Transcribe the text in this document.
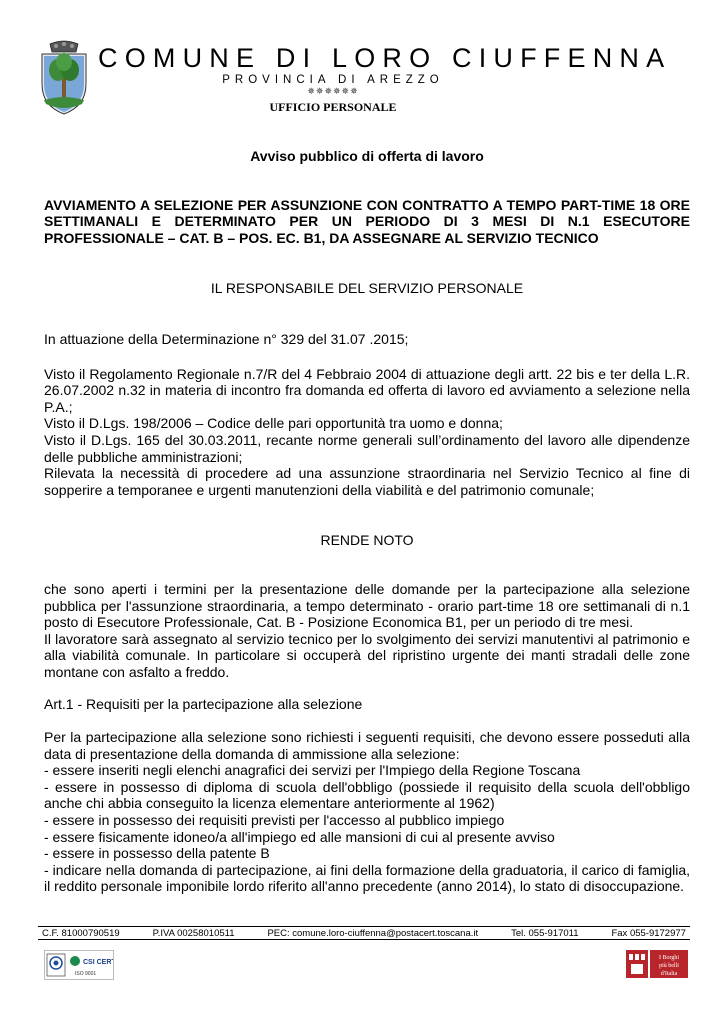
COMUNE DI LORO CIUFFENNA
PROVINCIA DI AREZZO
✵✵✵✵✵✵
UFFICIO PERSONALE

Avviso pubblico di offerta di lavoro

AVVIAMENTO A SELEZIONE PER ASSUNZIONE CON CONTRATTO A TEMPO PART-TIME 18 ORE SETTIMANALI E DETERMINATO PER UN PERIODO DI 3 MESI DI N.1 ESECUTORE PROFESSIONALE – CAT. B – POS. EC. B1, DA ASSEGNARE AL SERVIZIO TECNICO

IL RESPONSABILE DEL SERVIZIO PERSONALE

In attuazione della Determinazione n° 329 del 31.07 .2015;

Visto il Regolamento Regionale n.7/R del 4 Febbraio 2004 di attuazione degli artt. 22 bis e ter della L.R. 26.07.2002 n.32 in materia di incontro fra domanda ed offerta di lavoro ed avviamento a selezione nella P.A.;

Visto il D.Lgs. 198/2006 – Codice delle pari opportunità tra uomo e donna;

Visto il D.Lgs. 165 del 30.03.2011, recante norme generali sull’ordinamento del lavoro alle dipendenze delle pubbliche amministrazioni;

Rilevata la necessità di procedere ad una assunzione straordinaria nel Servizio Tecnico al fine di sopperire a temporanee e urgenti manutenzioni della viabilità e del patrimonio comunale;

RENDE NOTO

che sono aperti i termini per la presentazione delle domande per la partecipazione alla selezione pubblica per l'assunzione straordinaria, a tempo determinato - orario part-time 18 ore settimanali di n.1 posto di Esecutore Professionale, Cat. B - Posizione Economica B1, per un periodo di tre mesi.

Il lavoratore sarà assegnato al servizio tecnico per lo svolgimento dei servizi manutentivi al patrimonio e alla viabilità comunale. In particolare si occuperà del ripristino urgente dei manti stradali delle zone montane con asfalto a freddo.

Art.1 - Requisiti per la partecipazione alla selezione

Per la partecipazione alla selezione sono richiesti i seguenti requisiti, che devono essere posseduti alla data di presentazione della domanda di ammissione alla selezione:

- essere inseriti negli elenchi anagrafici dei servizi per l'Impiego della Regione Toscana

- essere in possesso di diploma di scuola dell'obbligo (possiede il requisito della scuola dell'obbligo anche chi abbia conseguito la licenza elementare anteriormente al 1962)

- essere in possesso dei requisiti previsti per l'accesso al pubblico impiego

- essere fisicamente idoneo/a all'impiego ed alle mansioni di cui al presente avviso

- essere in possesso della patente B

- indicare nella domanda di partecipazione, ai fini della formazione della graduatoria, il carico di famiglia, il reddito personale imponibile lordo riferito all'anno precedente (anno 2014), lo stato di disoccupazione.

C.F. 81000790519	P.IVA 00258010511	PEC: comune.loro-ciuffenna@postacert.toscana.it	Tel. 055-917011	Fax 055-9172977
CSI CERT
ISO 9001
I Borghi
più belli
d'Italia
